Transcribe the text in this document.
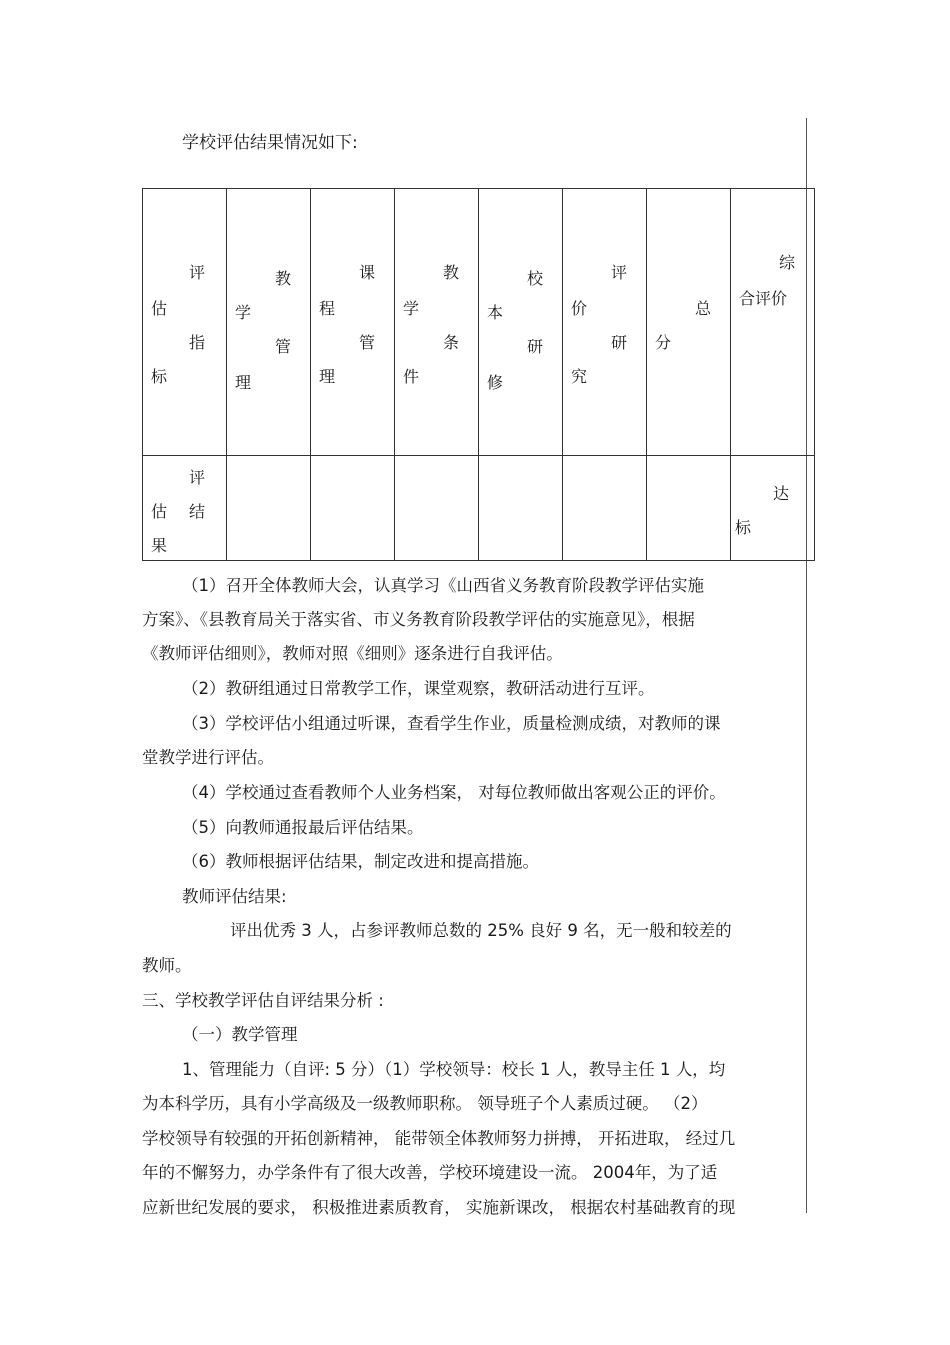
学校评估结果情况如下:
评
估
指
标	教
学
管
理	课
程
管
理	教
学
条
件	校
本
研
修	评
价
研
究	总
分	综
合评价

评
估 结
果							达
标
（1）召开全体教师大会，认真学习《山西省义务教育阶段教学评估实施
方案》、《县教育局关于落实省、市义务教育阶段教学评估的实施意见》，根据
《教师评估细则》，教师对照《细则》逐条进行自我评估。
（2）教研组通过日常教学工作，课堂观察，教研活动进行互评。
（3）学校评估小组通过听课，查看学生作业，质量检测成绩，对教师的课
堂教学进行评估。
（4）学校通过查看教师个人业务档案， 对每位教师做出客观公正的评价。
（5）向教师通报最后评估结果。
（6）教师根据评估结果，制定改进和提高措施。
教师评估结果:
评出优秀 3 人，占参评教师总数的 25% 良好 9 名，无一般和较差的
教师。
三、学校教学评估自评结果分析 :
（一）教学管理
1、管理能力（自评: 5 分）（1）学校领导：校长 1 人，教导主任 1 人，均
为本科学历，具有小学高级及一级教师职称。 领导班子个人素质过硬。 （2）
学校领导有较强的开拓创新精神， 能带领全体教师努力拼搏， 开拓进取， 经过几
年的不懈努力，办学条件有了很大改善，学校环境建设一流。 2004年，为了适
应新世纪发展的要求， 积极推进素质教育， 实施新课改， 根据农村基础教育的现
